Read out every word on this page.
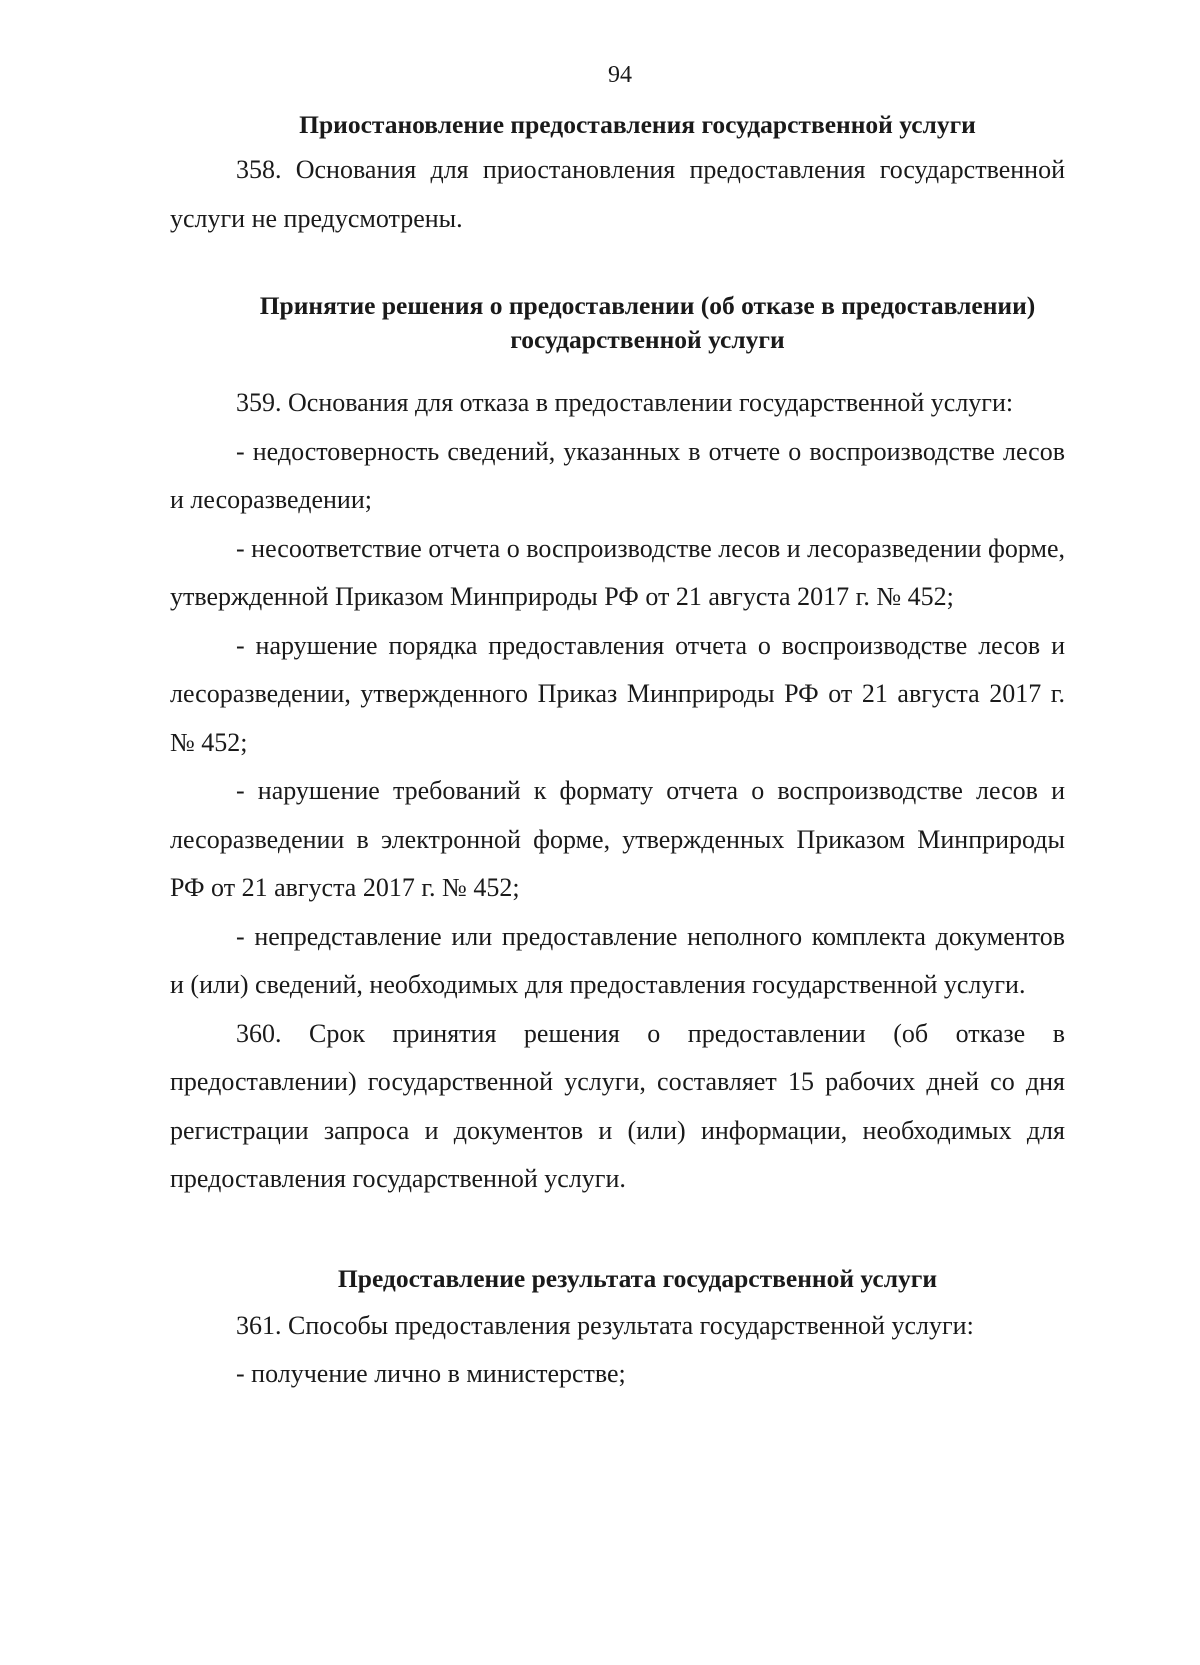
94
Приостановление предоставления государственной услуги

358. Основания для приостановления предоставления государственной услуги не предусмотрены.

Принятие решения о предоставлении (об отказе в предоставлении) государственной услуги

359. Основания для отказа в предоставлении государственной услуги:

- недостоверность сведений, указанных в отчете о воспроизводстве лесов и лесоразведении;

- несоответствие отчета о воспроизводстве лесов и лесоразведении форме, утвержденной Приказом Минприроды РФ от 21 августа 2017 г. № 452;

- нарушение порядка предоставления отчета о воспроизводстве лесов и лесоразведении, утвержденного Приказ Минприроды РФ от 21 августа 2017 г. № 452;

- нарушение требований к формату отчета о воспроизводстве лесов и лесоразведении в электронной форме, утвержденных Приказом Минприроды РФ от 21 августа 2017 г. № 452;

- непредставление или предоставление неполного комплекта документов и (или) сведений, необходимых для предоставления государственной услуги.

360. Срок принятия решения о предоставлении (об отказе в предоставлении) государственной услуги, составляет 15 рабочих дней со дня регистрации запроса и документов и (или) информации, необходимых для предоставления государственной услуги.

Предоставление результата государственной услуги

361. Способы предоставления результата государственной услуги:

- получение лично в министерстве;
